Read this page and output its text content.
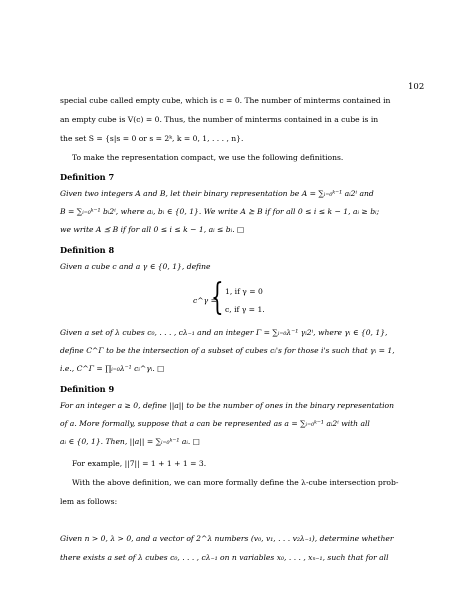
102
special cube called empty cube, which is c = 0. The number of minterms contained in
an empty cube is V(c) = 0. Thus, the number of minterms contained in a cube is in
the set S = {s|s = 0 or s = 2ᵏ, k = 0, 1, . . . , n}.
To make the representation compact, we use the following definitions.
Definition 7
Given two integers A and B, let their binary representation be A = ∑ᵢ₌₀ᵏ⁻¹ aᵢ2ⁱ and
B = ∑ᵢ₌₀ᵏ⁻¹ bᵢ2ⁱ, where aᵢ, bᵢ ∈ {0, 1}. We write A ⪰ B if for all 0 ≤ i ≤ k − 1, aᵢ ≥ bᵢ;
we write A ⪯ B if for all 0 ≤ i ≤ k − 1, aᵢ ≤ bᵢ. □
Definition 8
Given a cube c and a γ ∈ {0, 1}, define
c^γ =
{ 1, if γ = 0
c, if γ = 1.
Given a set of λ cubes c₀, . . . , cλ₋₁ and an integer Γ = ∑ᵢ₌₀λ⁻¹ γᵢ2ⁱ, where γᵢ ∈ {0, 1},
define C^Γ to be the intersection of a subset of cubes cᵢ's for those i's such that γᵢ = 1,
i.e., C^Γ = ∏ᵢ₌₀λ⁻¹ cᵢ^γᵢ. □
Definition 9
For an integer a ≥ 0, define ||a|| to be the number of ones in the binary representation
of a. More formally, suppose that a can be represented as a = ∑ᵢ₌₀ᵏ⁻¹ aᵢ2ⁱ with all
aᵢ ∈ {0, 1}. Then, ||a|| = ∑ᵢ₌₀ᵏ⁻¹ aᵢ. □
For example, ||7|| = 1 + 1 + 1 = 3.
With the above definition, we can more formally define the λ-cube intersection prob-
lem as follows:
Given n > 0, λ > 0, and a vector of 2^λ numbers (v₀, v₁, . . . v₂λ₋₁), determine whether
there exists a set of λ cubes c₀, . . . , cλ₋₁ on n variables x₀, . . . , xₙ₋₁, such that for all
